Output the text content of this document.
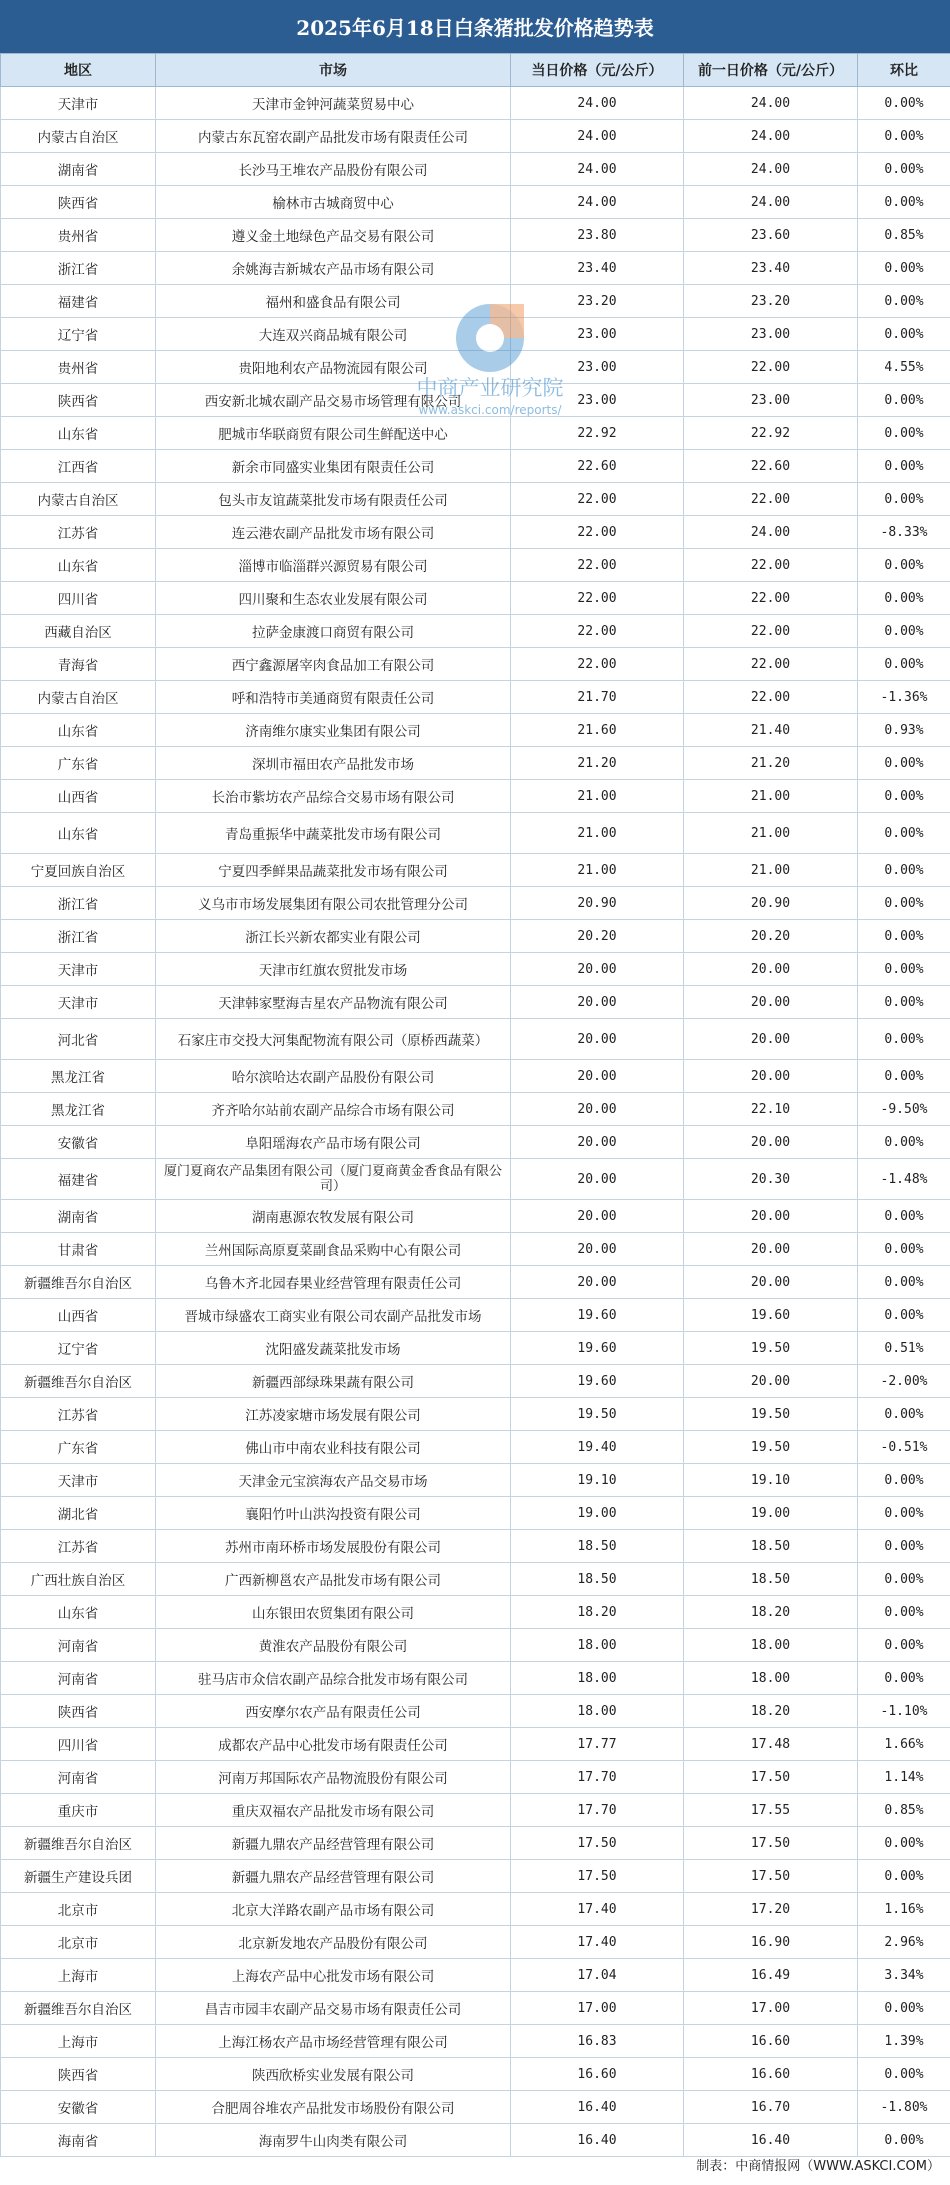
2025年6月18日白条猪批发价格趋势表
地区	市场	当日价格（元/公斤）	前一日价格（元/公斤）	环比
天津市	天津市金钟河蔬菜贸易中心	24.00	24.00	0.00%
内蒙古自治区	内蒙古东瓦窑农副产品批发市场有限责任公司	24.00	24.00	0.00%
湖南省	长沙马王堆农产品股份有限公司	24.00	24.00	0.00%
陕西省	榆林市古城商贸中心	24.00	24.00	0.00%
贵州省	遵义金土地绿色产品交易有限公司	23.80	23.60	0.85%
浙江省	余姚海吉新城农产品市场有限公司	23.40	23.40	0.00%
福建省	福州和盛食品有限公司	23.20	23.20	0.00%
辽宁省	大连双兴商品城有限公司	23.00	23.00	0.00%
贵州省	贵阳地利农产品物流园有限公司	23.00	22.00	4.55%
陕西省	西安新北城农副产品交易市场管理有限公司	23.00	23.00	0.00%
山东省	肥城市华联商贸有限公司生鲜配送中心	22.92	22.92	0.00%
江西省	新余市同盛实业集团有限责任公司	22.60	22.60	0.00%
内蒙古自治区	包头市友谊蔬菜批发市场有限责任公司	22.00	22.00	0.00%
江苏省	连云港农副产品批发市场有限公司	22.00	24.00	-8.33%
山东省	淄博市临淄群兴源贸易有限公司	22.00	22.00	0.00%
四川省	四川聚和生态农业发展有限公司	22.00	22.00	0.00%
西藏自治区	拉萨金康渡口商贸有限公司	22.00	22.00	0.00%
青海省	西宁鑫源屠宰肉食品加工有限公司	22.00	22.00	0.00%
内蒙古自治区	呼和浩特市美通商贸有限责任公司	21.70	22.00	-1.36%
山东省	济南维尔康实业集团有限公司	21.60	21.40	0.93%
广东省	深圳市福田农产品批发市场	21.20	21.20	0.00%
山西省	长治市紫坊农产品综合交易市场有限公司	21.00	21.00	0.00%
山东省	青岛重振华中蔬菜批发市场有限公司	21.00	21.00	0.00%
宁夏回族自治区	宁夏四季鲜果品蔬菜批发市场有限公司	21.00	21.00	0.00%
浙江省	义乌市市场发展集团有限公司农批管理分公司	20.90	20.90	0.00%
浙江省	浙江长兴新农都实业有限公司	20.20	20.20	0.00%
天津市	天津市红旗农贸批发市场	20.00	20.00	0.00%
天津市	天津韩家墅海吉星农产品物流有限公司	20.00	20.00	0.00%
河北省	石家庄市交投大河集配物流有限公司（原桥西蔬菜）	20.00	20.00	0.00%
黑龙江省	哈尔滨哈达农副产品股份有限公司	20.00	20.00	0.00%
黑龙江省	齐齐哈尔站前农副产品综合市场有限公司	20.00	22.10	-9.50%
安徽省	阜阳瑶海农产品市场有限公司	20.00	20.00	0.00%
福建省	厦门夏商农产品集团有限公司（厦门夏商黄金香食品有限公司）	20.00	20.30	-1.48%
湖南省	湖南惠源农牧发展有限公司	20.00	20.00	0.00%
甘肃省	兰州国际高原夏菜副食品采购中心有限公司	20.00	20.00	0.00%
新疆维吾尔自治区	乌鲁木齐北园春果业经营管理有限责任公司	20.00	20.00	0.00%
山西省	晋城市绿盛农工商实业有限公司农副产品批发市场	19.60	19.60	0.00%
辽宁省	沈阳盛发蔬菜批发市场	19.60	19.50	0.51%
新疆维吾尔自治区	新疆西部绿珠果蔬有限公司	19.60	20.00	-2.00%
江苏省	江苏凌家塘市场发展有限公司	19.50	19.50	0.00%
广东省	佛山市中南农业科技有限公司	19.40	19.50	-0.51%
天津市	天津金元宝滨海农产品交易市场	19.10	19.10	0.00%
湖北省	襄阳竹叶山洪沟投资有限公司	19.00	19.00	0.00%
江苏省	苏州市南环桥市场发展股份有限公司	18.50	18.50	0.00%
广西壮族自治区	广西新柳邕农产品批发市场有限公司	18.50	18.50	0.00%
山东省	山东银田农贸集团有限公司	18.20	18.20	0.00%
河南省	黄淮农产品股份有限公司	18.00	18.00	0.00%
河南省	驻马店市众信农副产品综合批发市场有限公司	18.00	18.00	0.00%
陕西省	西安摩尔农产品有限责任公司	18.00	18.20	-1.10%
四川省	成都农产品中心批发市场有限责任公司	17.77	17.48	1.66%
河南省	河南万邦国际农产品物流股份有限公司	17.70	17.50	1.14%
重庆市	重庆双福农产品批发市场有限公司	17.70	17.55	0.85%
新疆维吾尔自治区	新疆九鼎农产品经营管理有限公司	17.50	17.50	0.00%
新疆生产建设兵团	新疆九鼎农产品经营管理有限公司	17.50	17.50	0.00%
北京市	北京大洋路农副产品市场有限公司	17.40	17.20	1.16%
北京市	北京新发地农产品股份有限公司	17.40	16.90	2.96%
上海市	上海农产品中心批发市场有限公司	17.04	16.49	3.34%
新疆维吾尔自治区	昌吉市园丰农副产品交易市场有限责任公司	17.00	17.00	0.00%
上海市	上海江杨农产品市场经营管理有限公司	16.83	16.60	1.39%
陕西省	陕西欣桥实业发展有限公司	16.60	16.60	0.00%
安徽省	合肥周谷堆农产品批发市场股份有限公司	16.40	16.70	-1.80%
海南省	海南罗牛山肉类有限公司	16.40	16.40	0.00%
中商产业研究院
www.askci.com/reports/
制表：中商情报网（WWW.ASKCI.COM）
